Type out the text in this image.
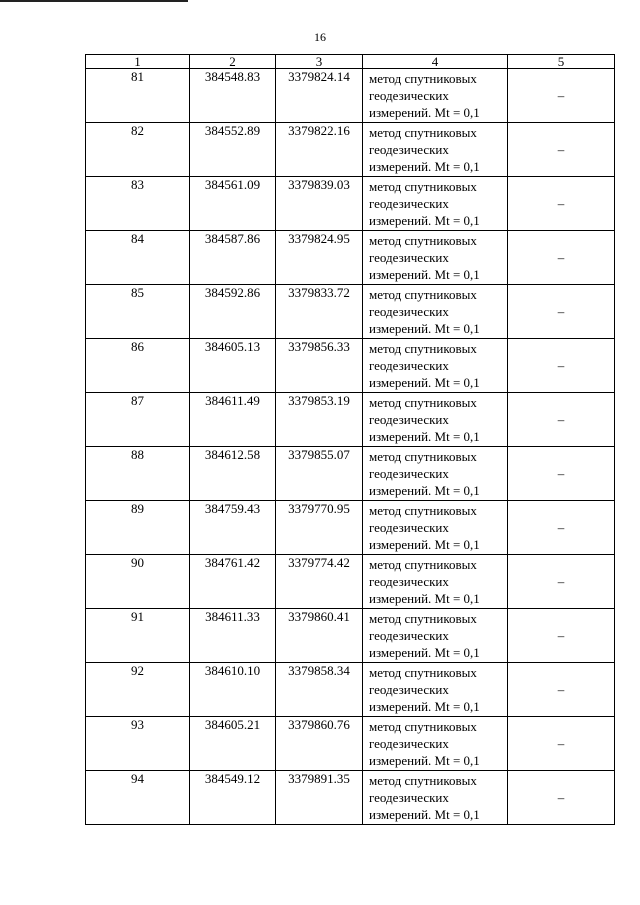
16
1	2	3	4	5
81	384548.83	3379824.14	метод спутниковых
геодезических
измерений. Mt = 0,1	–
82	384552.89	3379822.16	метод спутниковых
геодезических
измерений. Mt = 0,1	–
83	384561.09	3379839.03	метод спутниковых
геодезических
измерений. Mt = 0,1	–
84	384587.86	3379824.95	метод спутниковых
геодезических
измерений. Mt = 0,1	–
85	384592.86	3379833.72	метод спутниковых
геодезических
измерений. Mt = 0,1	–
86	384605.13	3379856.33	метод спутниковых
геодезических
измерений. Mt = 0,1	–
87	384611.49	3379853.19	метод спутниковых
геодезических
измерений. Mt = 0,1	–
88	384612.58	3379855.07	метод спутниковых
геодезических
измерений. Mt = 0,1	–
89	384759.43	3379770.95	метод спутниковых
геодезических
измерений. Mt = 0,1	–
90	384761.42	3379774.42	метод спутниковых
геодезических
измерений. Mt = 0,1	–
91	384611.33	3379860.41	метод спутниковых
геодезических
измерений. Mt = 0,1	–
92	384610.10	3379858.34	метод спутниковых
геодезических
измерений. Mt = 0,1	–
93	384605.21	3379860.76	метод спутниковых
геодезических
измерений. Mt = 0,1	–
94	384549.12	3379891.35	метод спутниковых
геодезических
измерений. Mt = 0,1	–
